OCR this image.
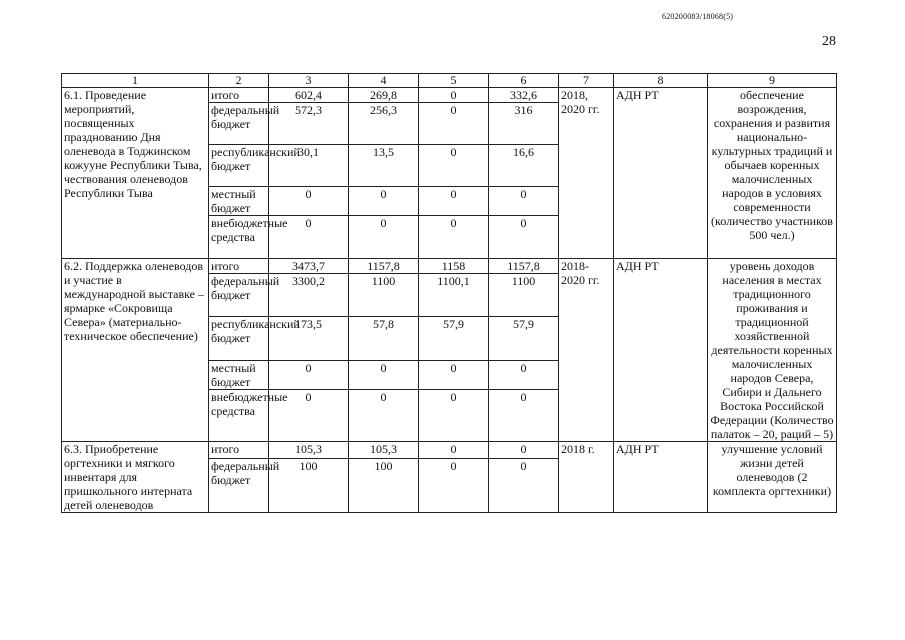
620200083/18068(5)
28
1	2	3	4	5	6	7	8	9
6.1. Проведение мероприятий, посвященных празднованию Дня оленевода в Тоджинском кожууне Республики Тыва, чествования оленеводов Республики Тыва	итого	602,4	269,8	0	332,6	2018, 2020 гг.	АДН РТ	обеспечение возрождения, сохранения и развития национально-культурных традиций и обычаев коренных малочисленных народов в условиях современности (количество участников 500 чел.)
	федеральный бюджет	572,3	256,3	0	316			
	республиканский бюджет	30,1	13,5	0	16,6			
	местный бюджет	0	0	0	0			
	внебюджетные средства	0	0	0	0			
6.2. Поддержка оленеводов и участие в международной выставке – ярмарке «Сокровища Севера» (материально-техническое обеспечение)	итого	3473,7	1157,8	1158	1157,8	2018-2020 гг.	АДН РТ	уровень доходов населения в местах традиционного проживания и традиционной хозяйственной деятельности коренных малочисленных народов Севера, Сибири и Дальнего Востока Российской Федерации (Количество палаток – 20, раций – 5)
	федеральный бюджет	3300,2	1100	1100,1	1100			
	республиканский бюджет	173,5	57,8	57,9	57,9			
	местный бюджет	0	0	0	0			
	внебюджетные средства	0	0	0	0			
6.3. Приобретение оргтехники и мягкого инвентаря для пришкольного интерната детей оленеводов	итого	105,3	105,3	0	0	2018 г.	АДН РТ	улучшение условий жизни детей оленеводов (2 комплекта оргтехники)
	федеральный бюджет	100	100	0	0			
